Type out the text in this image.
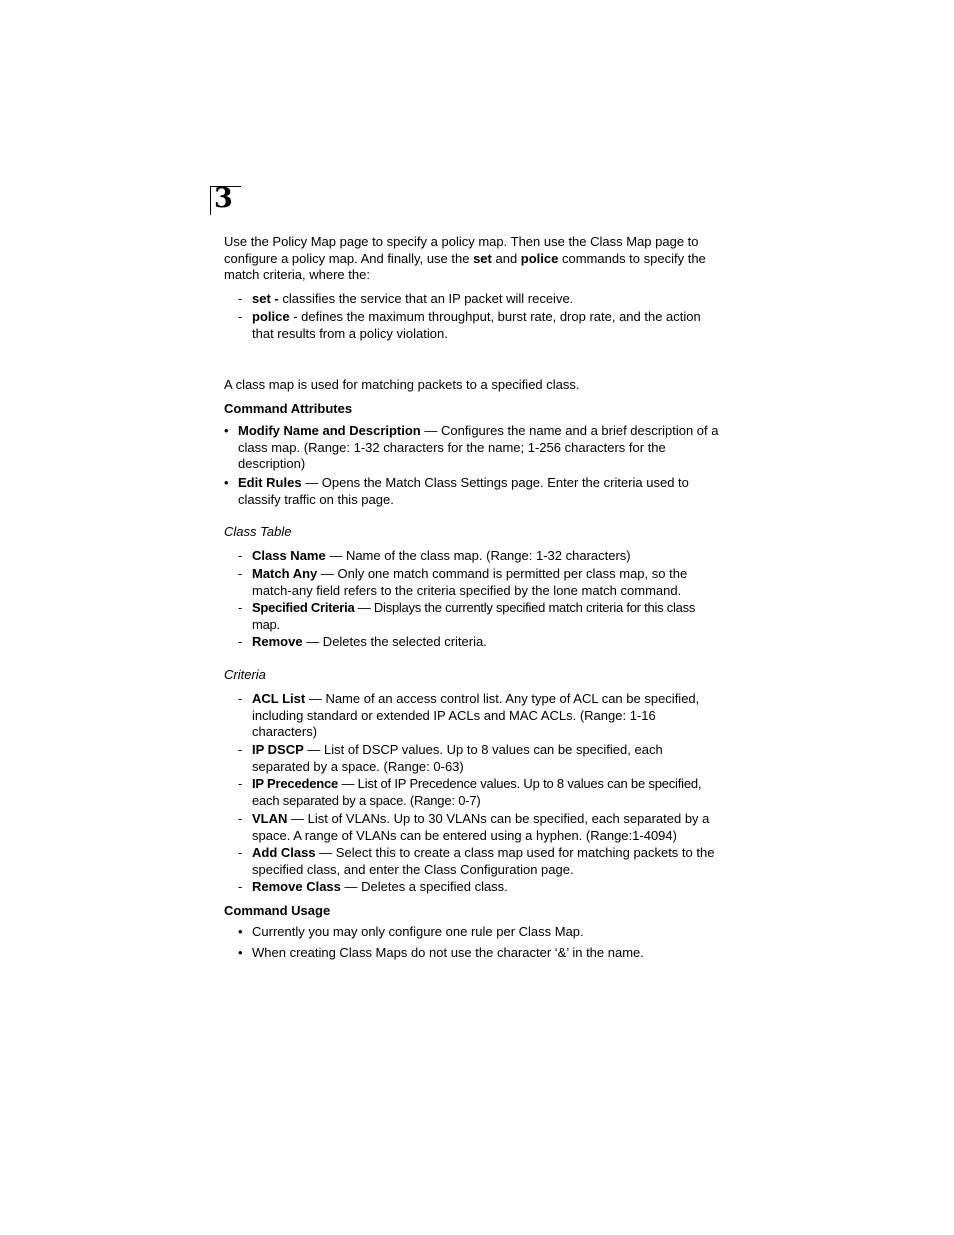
3
Use the Policy Map page to specify a policy map. Then use the Class Map page to
configure a policy map. And finally, use the set and police commands to specify the
match criteria, where the:
- set - classifies the service that an IP packet will receive.
- police - defines the maximum throughput, burst rate, drop rate, and the action that results from a policy violation.
A class map is used for matching packets to a specified class.
Command Attributes
• Modify Name and Description — Configures the name and a brief description of a class map. (Range: 1-32 characters for the name; 1-256 characters for the description)
• Edit Rules — Opens the Match Class Settings page. Enter the criteria used to classify traffic on this page.
Class Table
- Class Name — Name of the class map. (Range: 1-32 characters)
- Match Any — Only one match command is permitted per class map, so the match-any field refers to the criteria specified by the lone match command.
- Specified Criteria — Displays the currently specified match criteria for this class map.
- Remove — Deletes the selected criteria.
Criteria
- ACL List — Name of an access control list. Any type of ACL can be specified, including standard or extended IP ACLs and MAC ACLs. (Range: 1-16 characters)
- IP DSCP — List of DSCP values. Up to 8 values can be specified, each separated by a space. (Range: 0-63)
- IP Precedence — List of IP Precedence values. Up to 8 values can be specified, each separated by a space. (Range: 0-7)
- VLAN — List of VLANs. Up to 30 VLANs can be specified, each separated by a space. A range of VLANs can be entered using a hyphen. (Range:1-4094)
- Add Class — Select this to create a class map used for matching packets to the specified class, and enter the Class Configuration page.
- Remove Class — Deletes a specified class.
Command Usage
• Currently you may only configure one rule per Class Map.
• When creating Class Maps do not use the character ‘&’ in the name.
